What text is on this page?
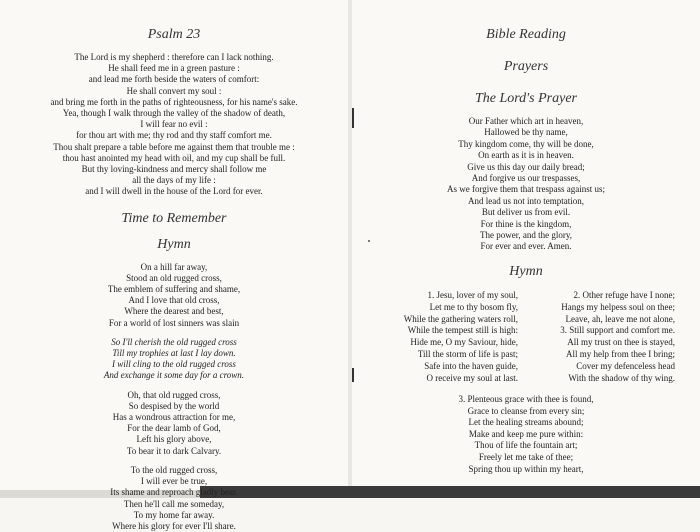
Psalm 23

The Lord is my shepherd : therefore can I lack nothing.
He shall feed me in a green pasture :
and lead me forth beside the waters of comfort:
He shall convert my soul :
and bring me forth in the paths of righteousness, for his name's sake.
Yea, though I walk through the valley of the shadow of death,
I will fear no evil :
for thou art with me; thy rod and thy staff comfort me.
Thou shalt prepare a table before me against them that trouble me :
thou hast anointed my head with oil, and my cup shall be full.
But thy loving-kindness and mercy shall follow me
all the days of my life :
and I will dwell in the house of the Lord for ever.

Time to Remember

Hymn

On a hill far away,
Stood an old rugged cross,
The emblem of suffering and shame,
And I love that old cross,
Where the dearest and best,
For a world of lost sinners was slain
So I'll cherish the old rugged cross
Till my trophies at last I lay down.
I will cling to the old rugged cross
And exchange it some day for a crown.
Oh, that old rugged cross,
So despised by the world
Has a wondrous attraction for me,
For the dear lamb of God,
Left his glory above,
To bear it to dark Calvary.
To the old rugged cross,
I will ever be true,
Its shame and reproach gladly bear.
Then he'll call me someday,
To my home far away.
Where his glory for ever I'll share.

Bible Reading

Prayers

The Lord's Prayer

Our Father which art in heaven,
Hallowed be thy name,
Thy kingdom come, thy will be done,
On earth as it is in heaven.
Give us this day our daily bread;
And forgive us our trespasses,
As we forgive them that trespass against us;
And lead us not into temptation,
But deliver us from evil.
For thine is the kingdom,
The power, and the glory,
For ever and ever. Amen.

Hymn

1. Jesu, lover of my soul,
Let me to thy bosom fly,
While the gathering waters roll,
While the tempest still is high:
Hide me, O my Saviour, hide,
Till the storm of life is past;
Safe into the haven guide,
O receive my soul at last.
2. Other refuge have I none;
Hangs my helpess soul on thee;
Leave, ah, leave me not alone,
3. Still support and comfort me.
All my trust on thee is stayed,
All my help from thee I bring;
Cover my defenceless head
With the shadow of thy wing.
3. Plenteous grace with thee is found,
Grace to cleanse from every sin;
Let the healing streams abound;
Make and keep me pure within:
Thou of life the fountain art;
Freely let me take of thee;
Spring thou up within my heart,
